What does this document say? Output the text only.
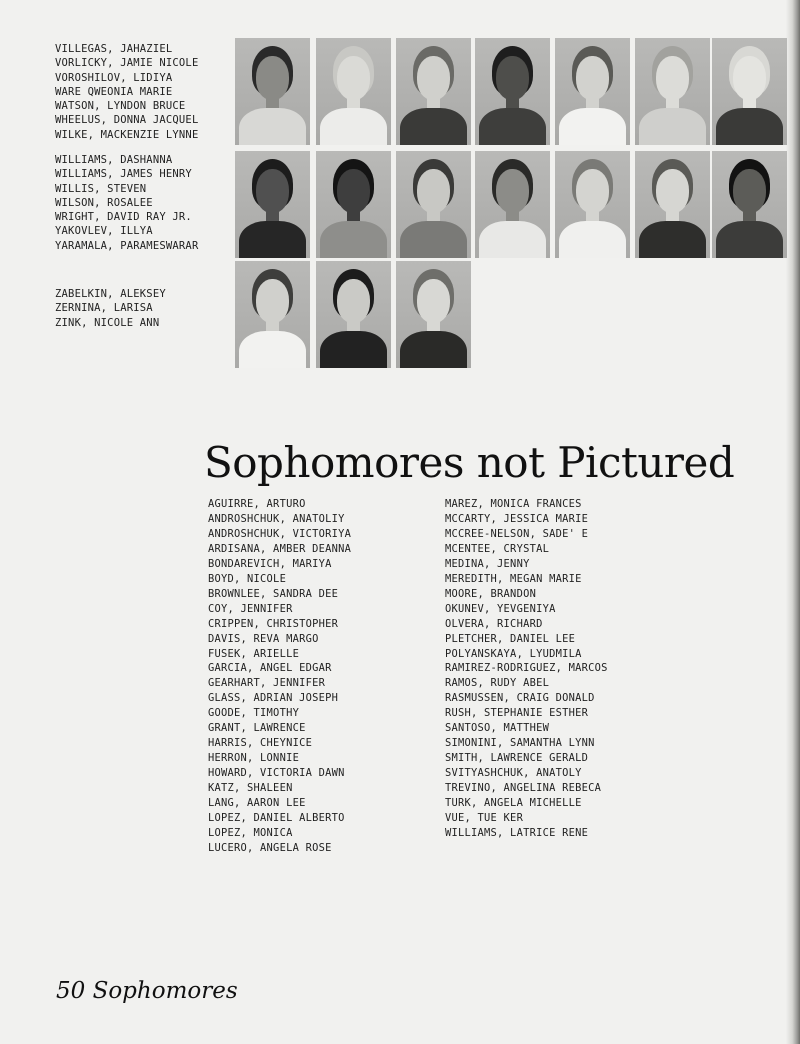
VILLEGAS, JAHAZIEL
VORLICKY, JAMIE NICOLE
VOROSHILOV, LIDIYA
WARE QWEONIA MARIE
WATSON, LYNDON BRUCE
WHEELUS, DONNA JACQUEL
WILKE, MACKENZIE LYNNE
WILLIAMS, DASHANNA
WILLIAMS, JAMES HENRY
WILLIS, STEVEN
WILSON, ROSALEE
WRIGHT, DAVID RAY JR.
YAKOVLEV, ILLYA
YARAMALA, PARAMESWARAR
ZABELKIN, ALEKSEY
ZERNINA, LARISA
ZINK, NICOLE ANN
Sophomores not Pictured
AGUIRRE, ARTURO
ANDROSHCHUK, ANATOLIY
ANDROSHCHUK, VICTORIYA
ARDISANA, AMBER DEANNA
BONDAREVICH, MARIYA
BOYD, NICOLE
BROWNLEE, SANDRA DEE
COY, JENNIFER
CRIPPEN, CHRISTOPHER
DAVIS, REVA MARGO
FUSEK, ARIELLE
GARCIA, ANGEL EDGAR
GEARHART, JENNIFER
GLASS, ADRIAN JOSEPH
GOODE, TIMOTHY
GRANT, LAWRENCE
HARRIS, CHEYNICE
HERRON, LONNIE
HOWARD, VICTORIA DAWN
KATZ, SHALEEN
LANG, AARON LEE
LOPEZ, DANIEL ALBERTO
LOPEZ, MONICA
LUCERO, ANGELA ROSE
MAREZ, MONICA FRANCES
MCCARTY, JESSICA MARIE
MCCREE-NELSON, SADE' E
MCENTEE, CRYSTAL
MEDINA, JENNY
MEREDITH, MEGAN MARIE
MOORE, BRANDON
OKUNEV, YEVGENIYA
OLVERA, RICHARD
PLETCHER, DANIEL LEE
POLYANSKAYA, LYUDMILA
RAMIREZ-RODRIGUEZ, MARCOS
RAMOS, RUDY ABEL
RASMUSSEN, CRAIG DONALD
RUSH, STEPHANIE ESTHER
SANTOSO, MATTHEW
SIMONINI, SAMANTHA LYNN
SMITH, LAWRENCE GERALD
SVITYASHCHUK, ANATOLY
TREVINO, ANGELINA REBECA
TURK, ANGELA MICHELLE
VUE, TUE KER
WILLIAMS, LATRICE RENE
50 Sophomores
